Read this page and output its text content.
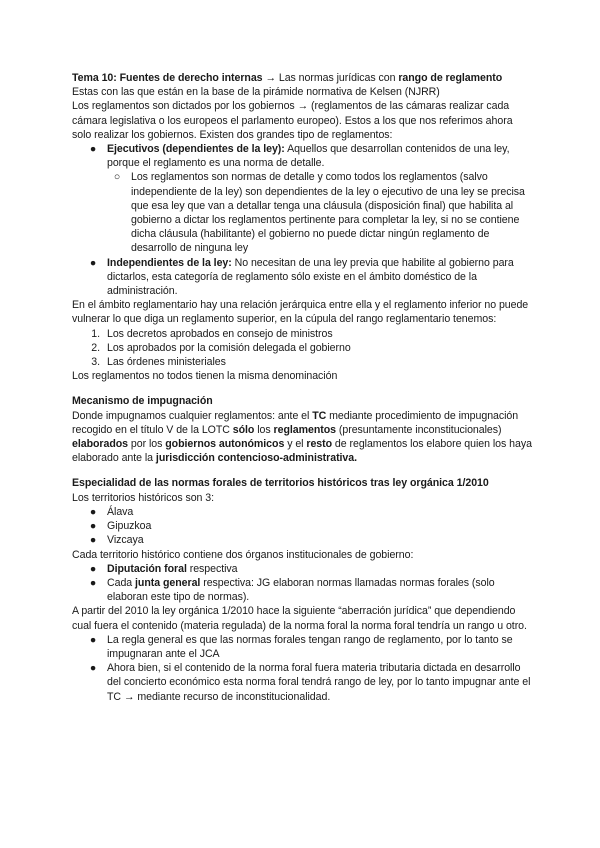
Tema 10: Fuentes de derecho internas → Las normas jurídicas con rango de reglamento

Estas con las que están en la base de la pirámide normativa de Kelsen (NJRR)

Los reglamentos son dictados por los gobiernos → (reglamentos de las cámaras realizar cada cámara legislativa o los europeos el parlamento europeo). Estos a los que nos referimos ahora solo realizar los gobiernos. Existen dos grandes tipo de reglamentos:

●	Ejecutivos (dependientes de la ley): Aquellos que desarrollan contenidos de una ley, porque el reglamento es una norma de detalle.
○	Los reglamentos son normas de detalle y como todos los reglamentos (salvo independiente de la ley) son dependientes de la ley o ejecutivo de una ley se precisa que esa ley que van a detallar tenga una cláusula (disposición final) que habilita al gobierno a dictar los reglamentos pertinente para completar la ley, si no se contiene dicha cláusula (habilitante) el gobierno no puede dictar ningún reglamento de desarrollo de ninguna ley
●	Independientes de la ley: No necesitan de una ley previa que habilite al gobierno para dictarlos, esta categoría de reglamento sólo existe en el ámbito doméstico de la administración.

En el ámbito reglamentario hay una relación jerárquica entre ella y el reglamento inferior no puede vulnerar lo que diga un reglamento superior, en la cúpula del rango reglamentario tenemos:

1. Los decretos aprobados en consejo de ministros
2. Los aprobados por la comisión delegada el gobierno
3. Las órdenes ministeriales

Los reglamentos no todos tienen la misma denominación

Mecanismo de impugnación

Donde impugnamos cualquier reglamentos: ante el TC mediante procedimiento de impugnación recogido en el título V de la LOTC sólo los reglamentos (presuntamente inconstitucionales) elaborados por los gobiernos autonómicos y el resto de reglamentos los elabore quien los haya elaborado ante la jurisdicción contencioso-administrativa.

Especialidad de las normas forales de territorios históricos tras ley orgánica 1/2010

Los territorios históricos son 3:

●	Álava
●	Gipuzkoa
●	Vizcaya

Cada territorio histórico contiene dos órganos institucionales de gobierno:

●	Diputación foral respectiva
●	Cada junta general respectiva: JG elaboran normas llamadas normas forales (solo elaboran este tipo de normas).

A partir del 2010 la ley orgánica 1/2010 hace la siguiente “aberración jurídica” que dependiendo cual fuera el contenido (materia regulada) de la norma foral la norma foral tendría un rango u otro.

●	La regla general es que las normas forales tengan rango de reglamento, por lo tanto se impugnaran ante el JCA
●	Ahora bien, si el contenido de la norma foral fuera materia tributaria dictada en desarrollo del concierto económico esta norma foral tendrá rango de ley, por lo tanto impugnar ante el TC → mediante recurso de inconstitucionalidad.
